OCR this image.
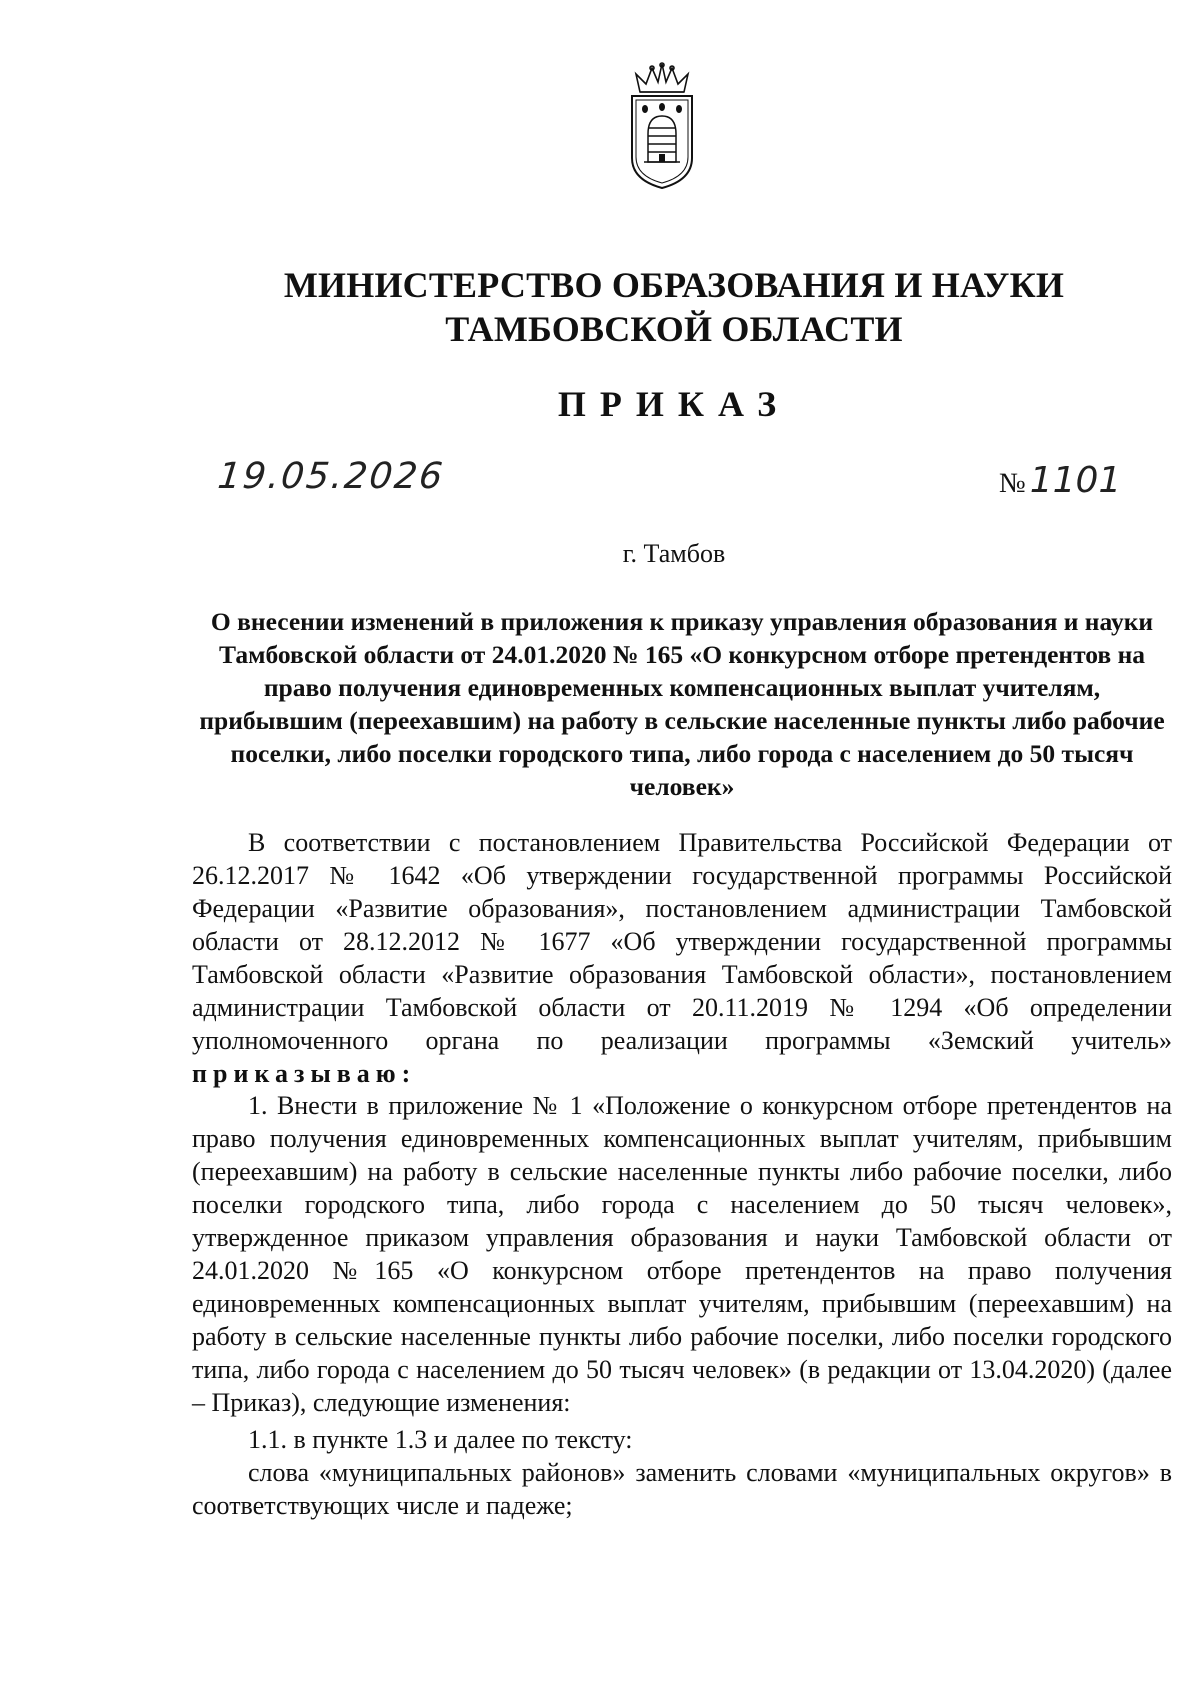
МИНИСТЕРСТВО ОБРАЗОВАНИЯ И НАУКИ
ТАМБОВСКОЙ ОБЛАСТИ
ПРИКАЗ
19.05.2026	№ 1101
г. Тамбов
О внесении изменений в приложения к приказу управления образования и науки Тамбовской области от 24.01.2020 № 165 «О конкурсном отборе претендентов на право получения единовременных компенсационных выплат учителям, прибывшим (переехавшим) на работу в сельские населенные пункты либо рабочие поселки, либо поселки городского типа, либо города с населением до 50 тысяч человек»

В соответствии с постановлением Правительства Российской Федерации от 26.12.2017 № 1642 «Об утверждении государственной программы Российской Федерации «Развитие образования», постановлением администрации Тамбовской области от 28.12.2012 № 1677 «Об утверждении государственной программы Тамбовской области «Развитие образования Тамбовской области», постановлением администрации Тамбовской области от 20.11.2019 № 1294 «Об определении уполномоченного органа по реализации программы «Земский учитель» приказываю:

1. Внести в приложение № 1 «Положение о конкурсном отборе претендентов на право получения единовременных компенсационных выплат учителям, прибывшим (переехавшим) на работу в сельские населенные пункты либо рабочие поселки, либо поселки городского типа, либо города с населением до 50 тысяч человек», утвержденное приказом управления образования и науки Тамбовской области от 24.01.2020 №165 «О конкурсном отборе претендентов на право получения единовременных компенсационных выплат учителям, прибывшим (переехавшим) на работу в сельские населенные пункты либо рабочие поселки, либо поселки городского типа, либо города с населением до 50 тысяч человек» (в редакции от 13.04.2020) (далее – Приказ), следующие изменения:

1.1. в пункте 1.3 и далее по тексту:

слова «муниципальных районов» заменить словами «муниципальных округов» в соответствующих числе и падеже;
